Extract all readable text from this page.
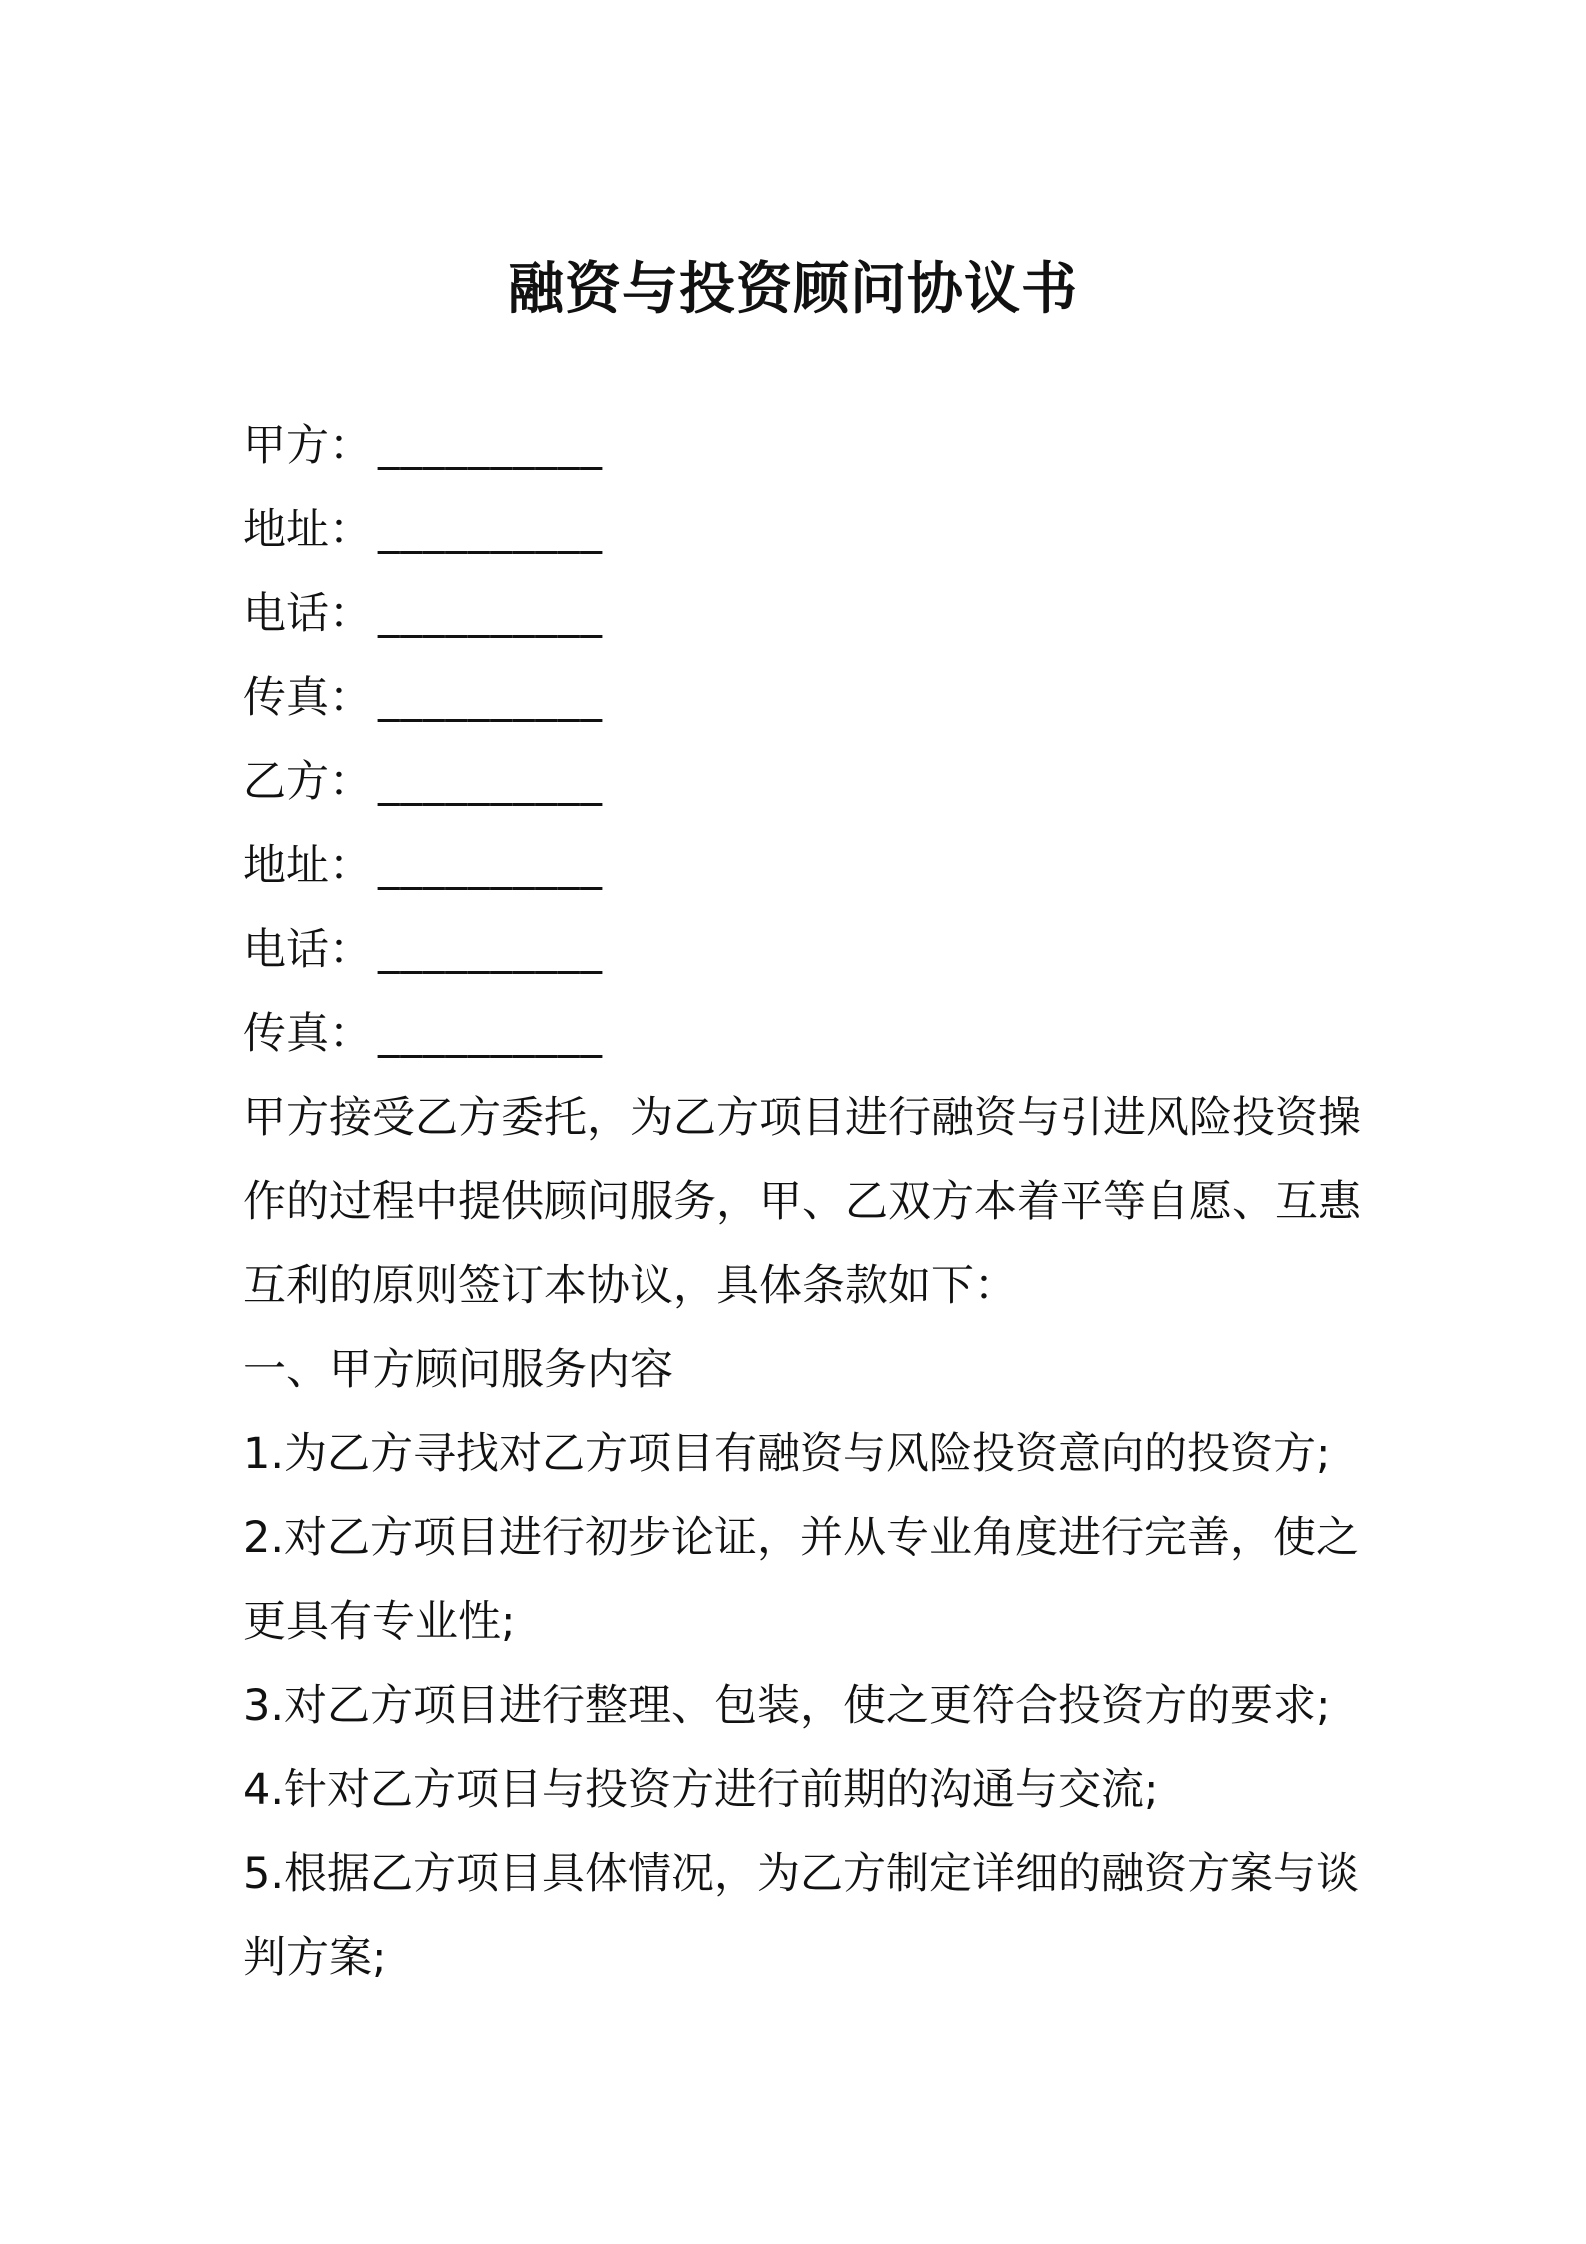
融资与投资顾问协议书
甲方： __________
地址： __________
电话： __________
传真： __________
乙方： __________
地址： __________
电话： __________
传真： __________
甲方接受乙方委托，为乙方项目进行融资与引进风险投资操
作的过程中提供顾问服务，甲、乙双方本着平等自愿、互惠
互利的原则签订本协议，具体条款如下：
一、甲方顾问服务内容
1.为乙方寻找对乙方项目有融资与风险投资意向的投资方;
2.对乙方项目进行初步论证，并从专业角度进行完善，使之
更具有专业性;
3.对乙方项目进行整理、包装，使之更符合投资方的要求;
4.针对乙方项目与投资方进行前期的沟通与交流;
5.根据乙方项目具体情况，为乙方制定详细的融资方案与谈
判方案;
